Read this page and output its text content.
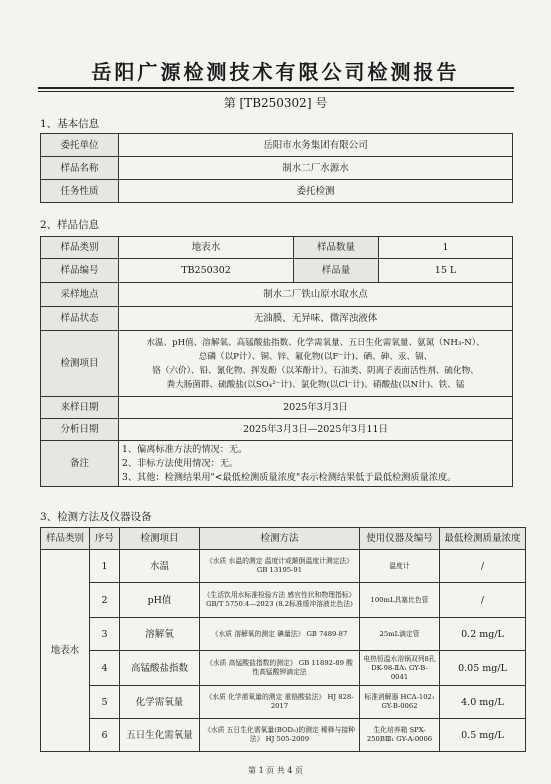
岳阳广源检测技术有限公司检测报告
第 [TB250302] 号
1、基本信息
委托单位	岳阳市水务集团有限公司
样品名称	制水二厂水源水
任务性质	委托检测
2、样品信息
样品类别	地表水	样品数量	1
样品编号	TB250302	样品量	15 L
采样地点	制水二厂铁山原水取水点		
样品状态	无油膜、无异味、微浑浊液体		
检测项目	水温、pH值、溶解氧、高锰酸盐指数、化学需氧量、五日生化需氧量、氨氮（NH₃-N）、
总磷（以P计）、铜、锌、氟化物(以F⁻计)、硒、砷、汞、镉、
铬（六价）、铅、氰化物、挥发酚（以苯酚计）、石油类、阴离子表面活性剂、硫化物、
粪大肠菌群、硫酸盐(以SO₄²⁻计)、氯化物(以Cl⁻计)、硝酸盐(以N计)、铁、锰		

来样日期	2025年3月3日		
分析日期	2025年3月3日—2025年3月11日		
备注	1、偏离标准方法的情况：无。
2、非标方法使用情况：无。
3、其他：检测结果用"<最低检测质量浓度"表示检测结果低于最低检测质量浓度。		
3、检测方法及仪器设备
样品类别	序号	检测项目	检测方法	使用仪器及编号	最低检测质量浓度
地表水	1	水温	《水质 水温的测定 温度计或颠倒温度计测定法》 GB 13195-91	温度计	/
	2	pH值	《生活饮用水标准检验方法 感官性状和物理指标》GB/T 5750.4—2023 (8.2标准缓冲溶液比色法)	100mL具塞比色管	/
	3	溶解氧	《水质 溶解氧的测定 碘量法》 GB 7489-87	25mL滴定管	0.2 mg/L
	4	高锰酸盐指数	《水质 高锰酸盐指数的测定》 GB 11892-89 酸性高锰酸钾滴定法	电热恒温水浴锅双列8孔 DK-98-ⅡA₁ GY-B-0041	0.05 mg/L
	5	化学需氧量	《水质 化学需氧量的测定 重铬酸盐法》 HJ 828-2017	标准消解器 HCA-102₁ GY-B-0062	4.0 mg/L
	6	五日生化需氧量	《水质 五日生化需氧量(BOD₅)的测定 稀释与接种法》 HJ 505-2009	生化培养箱 SPX-250BⅢ₁ GY-A-0006	0.5 mg/L
第 1 页 共 4 页
